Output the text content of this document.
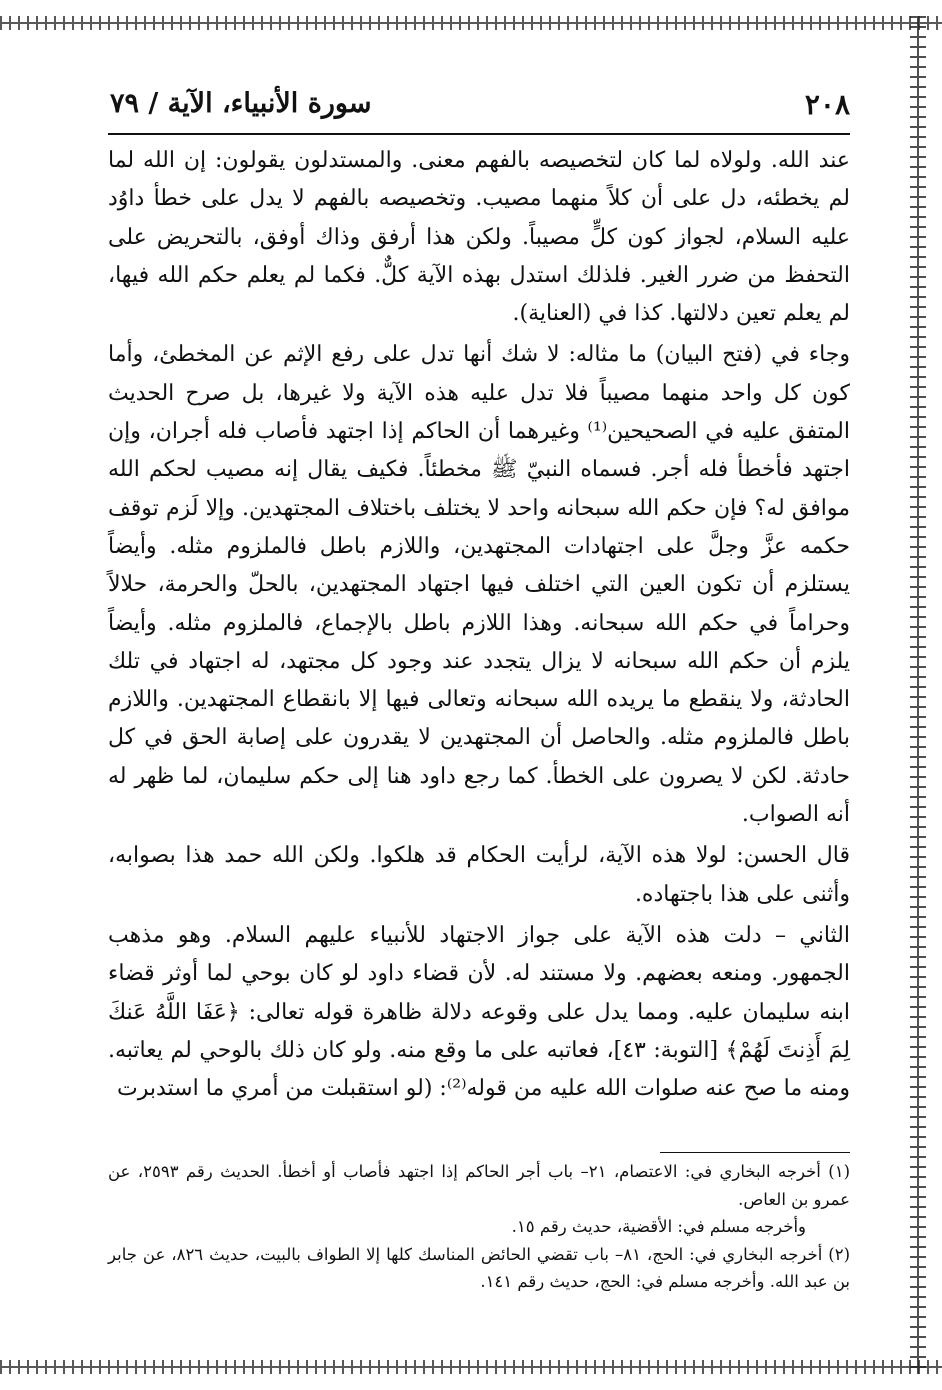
٢٠٨
سورة الأنبياء، الآية / ٧٩

عند الله. ولولاه لما كان لتخصيصه بالفهم معنى. والمستدلون يقولون: إن الله لما لم يخطئه، دل على أن كلاً منهما مصيب. وتخصيصه بالفهم لا يدل على خطأ داوُد عليه السلام، لجواز كون كلٍّ مصيباً. ولكن هذا أرفق وذاك أوفق، بالتحريض على التحفظ من ضرر الغير. فلذلك استدل بهذه الآية كلٌّ. فكما لم يعلم حكم الله فيها، لم يعلم تعين دلالتها. كذا في (العناية).

وجاء في (فتح البيان) ما مثاله: لا شك أنها تدل على رفع الإثم عن المخطئ، وأما كون كل واحد منهما مصيباً فلا تدل عليه هذه الآية ولا غيرها، بل صرح الحديث المتفق عليه في الصحيحين⁽¹⁾ وغيرهما أن الحاكم إذا اجتهد فأصاب فله أجران، وإن اجتهد فأخطأ فله أجر. فسماه النبيّ ﷺ مخطئاً. فكيف يقال إنه مصيب لحكم الله موافق له؟ فإن حكم الله سبحانه واحد لا يختلف باختلاف المجتهدين. وإلا لَزم توقف حكمه عزَّ وجلَّ على اجتهادات المجتهدين، واللازم باطل فالملزوم مثله. وأيضاً يستلزم أن تكون العين التي اختلف فيها اجتهاد المجتهدين، بالحلّ والحرمة، حلالاً وحراماً في حكم الله سبحانه. وهذا اللازم باطل بالإجماع، فالملزوم مثله. وأيضاً يلزم أن حكم الله سبحانه لا يزال يتجدد عند وجود كل مجتهد، له اجتهاد في تلك الحادثة، ولا ينقطع ما يريده الله سبحانه وتعالى فيها إلا بانقطاع المجتهدين. واللازم باطل فالملزوم مثله. والحاصل أن المجتهدين لا يقدرون على إصابة الحق في كل حادثة. لكن لا يصرون على الخطأ. كما رجع داود هنا إلى حكم سليمان، لما ظهر له أنه الصواب.

قال الحسن: لولا هذه الآية، لرأيت الحكام قد هلكوا. ولكن الله حمد هذا بصوابه، وأثنى على هذا باجتهاده.

الثاني – دلت هذه الآية على جواز الاجتهاد للأنبياء عليهم السلام. وهو مذهب الجمهور. ومنعه بعضهم. ولا مستند له. لأن قضاء داود لو كان بوحي لما أوثر قضاء ابنه سليمان عليه. ومما يدل على وقوعه دلالة ظاهرة قوله تعالى: ﴿عَفَا اللَّهُ عَنكَ لِمَ أَذِنتَ لَهُمْ﴾ [التوبة: ٤٣]، فعاتبه على ما وقع منه. ولو كان ذلك بالوحي لم يعاتبه. ومنه ما صح عنه صلوات الله عليه من قوله⁽²⁾: (لو استقبلت من أمري ما استدبرت

(١) أخرجه البخاري في: الاعتصام، ٢١– باب أجر الحاكم إذا اجتهد فأصاب أو أخطأ. الحديث رقم ٢٥٩٣، عن عمرو بن العاص.

وأخرجه مسلم في: الأقضية، حديث رقم ١٥.

(٢) أخرجه البخاري في: الحج، ٨١– باب تقضي الحائض المناسك كلها إلا الطواف بالبيت، حديث ٨٢٦، عن جابر بن عبد الله. وأخرجه مسلم في: الحج، حديث رقم ١٤١.
